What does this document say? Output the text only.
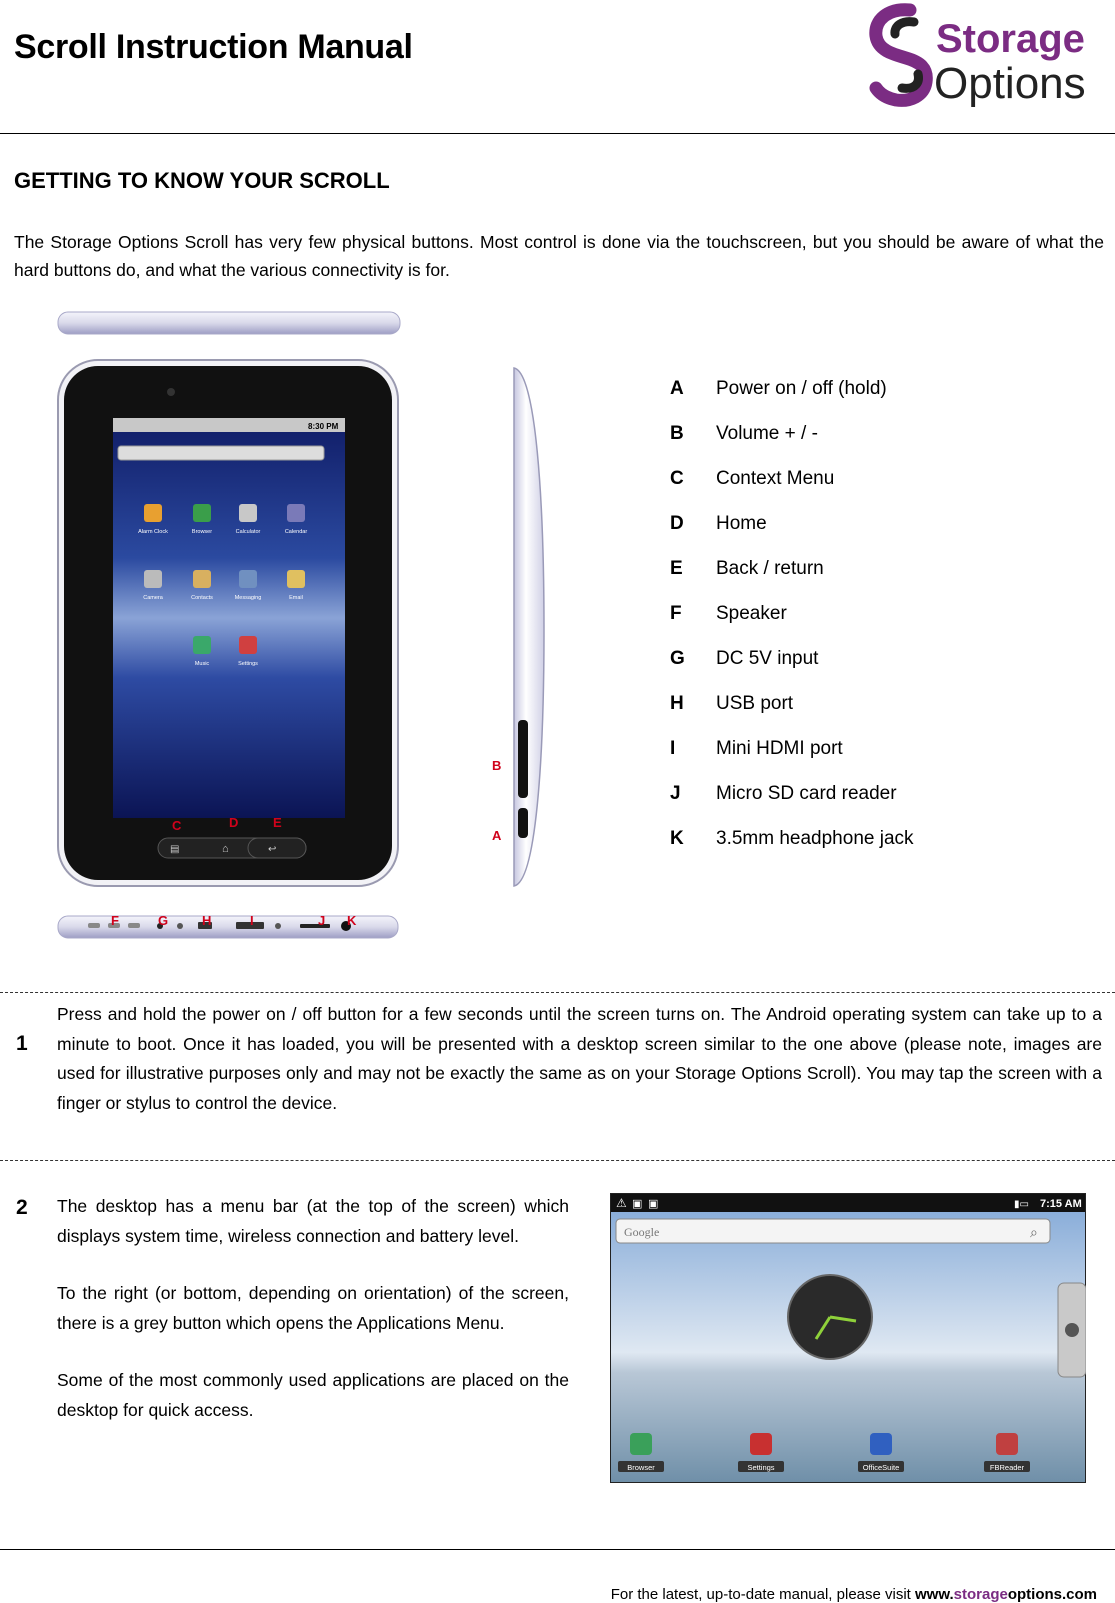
Scroll Instruction Manual	Storage
Options
GETTING TO KNOW YOUR SCROLL
The Storage Options Scroll has very few physical buttons. Most control is done via the touchscreen, but you should be aware of what the hard buttons do, and what the various connectivity is for.
8:30 PM
Alarm Clock	Browser	Calculator	Calendar
Camera	Contacts	Messaging	Email
Music	Settings
▤	⌂	↩
C	D	E
B
A
F	G	H	I	J K
A	Power on / off (hold)
B	Volume + / -
C	Context Menu
D	Home
E	Back / return
F	Speaker
G	DC 5V input
H	USB port
I	Mini HDMI port
J	Micro SD card reader
K	3.5mm headphone jack
1
Press and hold the power on / off button for a few seconds until the screen turns on. The Android operating system can take up to a minute to boot. Once it has loaded, you will be presented with a desktop screen similar to the one above (please note, images are used for illustrative purposes only and may not be exactly the same as on your Storage Options Scroll). You may tap the screen with a finger or stylus to control the device.
2 The desktop has a menu bar (at the top of the screen) which displays system time, wireless connection and battery level.
To the right (or bottom, depending on orientation) of the screen, there is a grey button which opens the Applications Menu.
Some of the most commonly used applications are placed on the desktop for quick access.
⚠ ▣ ▣	▮▭ 7:15 AM
Google	⌕
Browser	Settings	OfficeSuite	FBReader
For the latest, up-to-date manual, please visit www.storageoptions.com
